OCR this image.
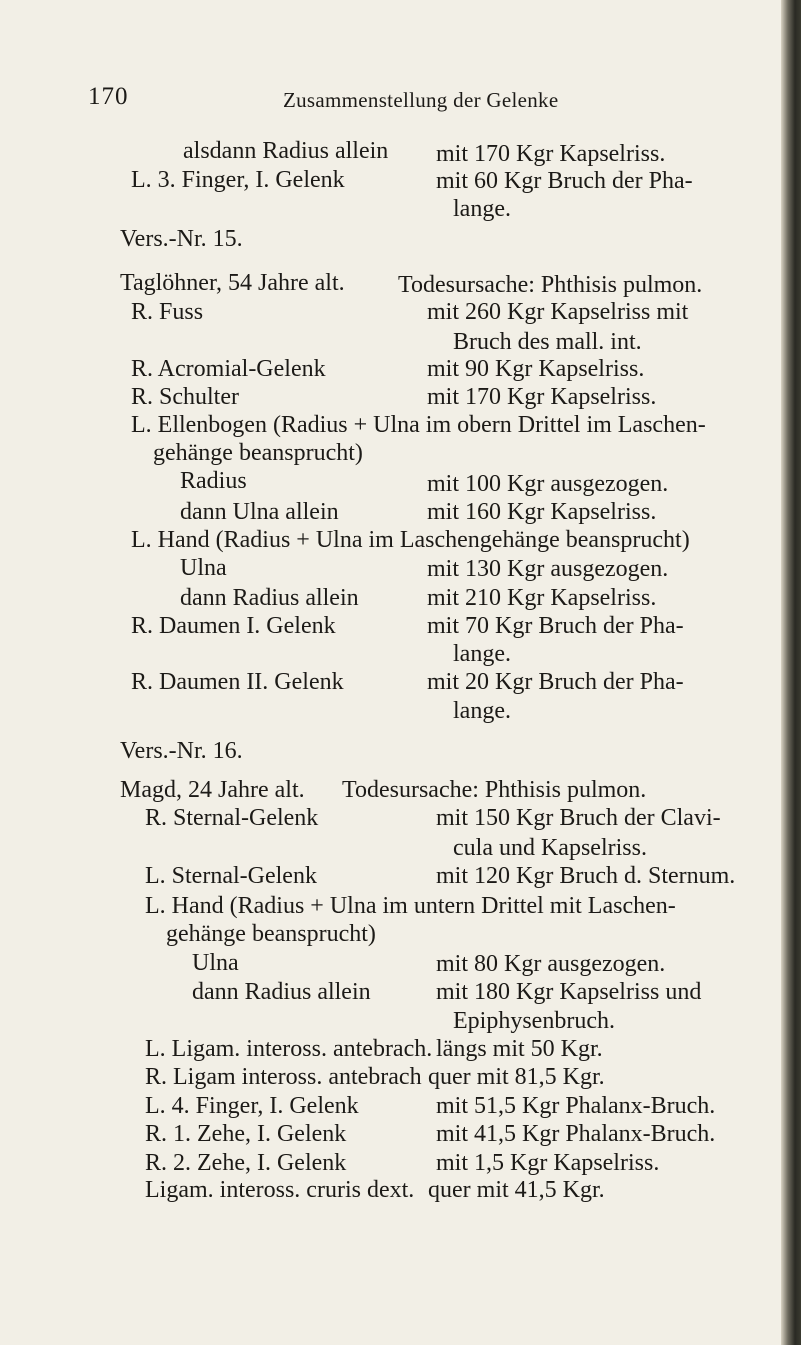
170	Zusammenstellung der Gelenke
alsdann Radius allein mit 170 Kgr Kapselriss.
L. 3. Finger, I. Gelenk	mit 60 Kgr Bruch der Pha-
lange.
Vers.-Nr. 15.
Taglöhner, 54 Jahre alt. Todesursache: Phthisis pulmon.
R. Fuss	mit 260 Kgr Kapselriss mit
Bruch des mall. int.
R. Acromial-Gelenk	mit 90 Kgr Kapselriss.
R. Schulter	mit 170 Kgr Kapselriss.
L. Ellenbogen (Radius + Ulna im obern Drittel im Laschen-
gehänge beansprucht)
Radius	mit 100 Kgr ausgezogen.
dann Ulna allein	mit 160 Kgr Kapselriss.
L. Hand (Radius + Ulna im Laschengehänge beansprucht)
Ulna	mit 130 Kgr ausgezogen.
dann Radius allein	mit 210 Kgr Kapselriss.
R. Daumen I. Gelenk	mit 70 Kgr Bruch der Pha-
lange.
R. Daumen II. Gelenk	mit 20 Kgr Bruch der Pha-
lange.
Vers.-Nr. 16.
Magd, 24 Jahre alt. Todesursache: Phthisis pulmon.
R. Sternal-Gelenk	mit 150 Kgr Bruch der Clavi-
cula und Kapselriss.
L. Sternal-Gelenk	mit 120 Kgr Bruch d. Sternum.
L. Hand (Radius + Ulna im untern Drittel mit Laschen-
gehänge beansprucht)
Ulna	mit 80 Kgr ausgezogen.
dann Radius allein	mit 180 Kgr Kapselriss und
Epiphysenbruch.
L. Ligam. inteross. antebrach. längs mit 50 Kgr.
R. Ligam inteross. antebrach quer mit 81,5 Kgr.
L. 4. Finger, I. Gelenk	mit 51,5 Kgr Phalanx-Bruch.
R. 1. Zehe, I. Gelenk	mit 41,5 Kgr Phalanx-Bruch.
R. 2. Zehe, I. Gelenk	mit 1,5 Kgr Kapselriss.
Ligam. inteross. cruris dext. quer mit 41,5 Kgr.
